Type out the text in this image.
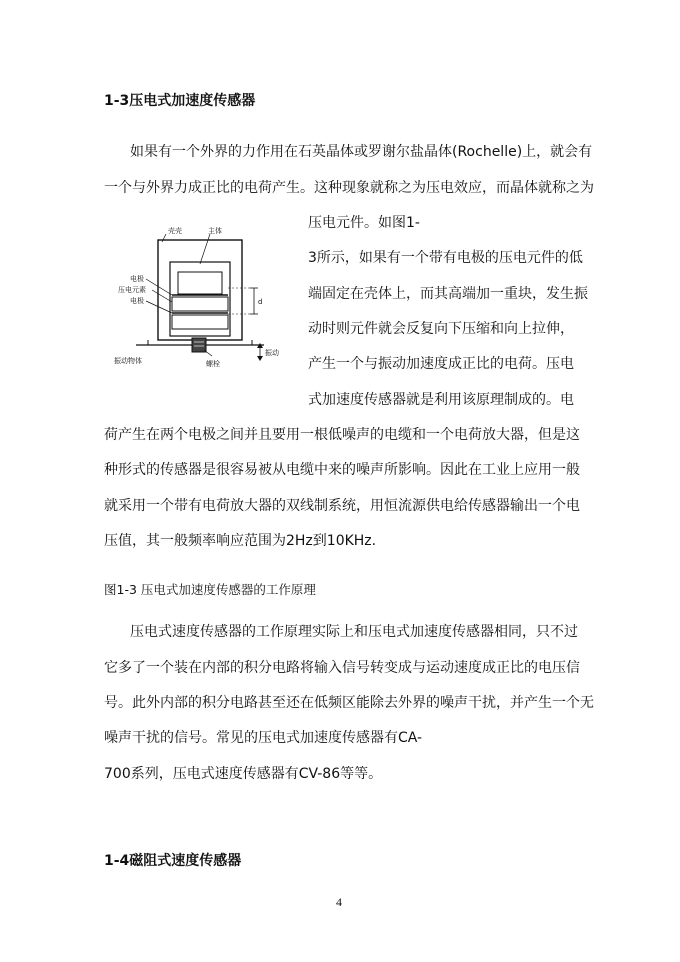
1-3压电式加速度传感器
如果有一个外界的力作用在石英晶体或罗谢尔盐晶体(Rochelle)上，就会有
一个与外界力成正比的电荷产生。这种现象就称之为压电效应，而晶体就称之为
压电元件。如图1-
3所示，如果有一个带有电极的压电元件的低
端固定在壳体上，而其高端加一重块，发生振
动时则元件就会反复向下压缩和向上拉伸，
产生一个与振动加速度成正比的电荷。压电
式加速度传感器就是利用该原理制成的。电
荷产生在两个电极之间并且要用一根低噪声的电缆和一个电荷放大器，但是这
种形式的传感器是很容易被从电缆中来的噪声所影响。因此在工业上应用一般
就采用一个带有电荷放大器的双线制系统，用恒流源供电给传感器输出一个电
压值，其一般频率响应范围为2Hz到10KHz.
壳壳	主体
电极
压电元素
电极	d
振动
振动物体	螺栓
图1-3 压电式加速度传感器的工作原理
压电式速度传感器的工作原理实际上和压电式加速度传感器相同，只不过
它多了一个装在内部的积分电路将输入信号转变成与运动速度成正比的电压信
号。此外内部的积分电路甚至还在低频区能除去外界的噪声干扰，并产生一个无
噪声干扰的信号。常见的压电式加速度传感器有CA-
700系列，压电式速度传感器有CV-86等等。
1-4磁阻式速度传感器
4
